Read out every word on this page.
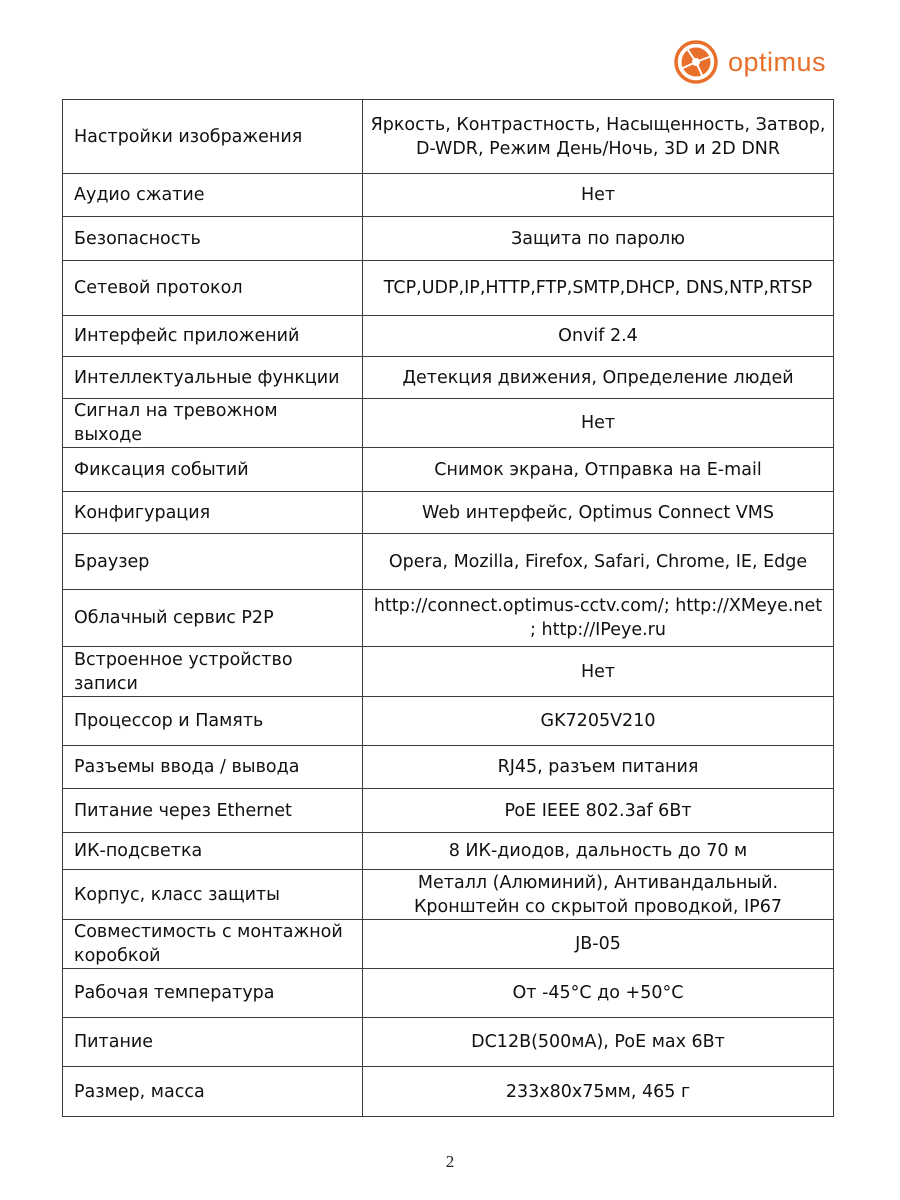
optimus
Настройки изображения	Яркость, Контрастность, Насыщенность, Затвор, D-WDR, Режим День/Ночь, 3D и 2D DNR
Аудио сжатие	Нет
Безопасность	Защита по паролю
Сетевой протокол	TCP,UDP,IP,HTTP,FTP,SMTP,DHCP, DNS,NTP,RTSP
Интерфейс приложений	Onvif 2.4
Интеллектуальные функции	Детекция движения, Определение людей
Сигнал на тревожном выходе	Нет
Фиксация событий	Снимок экрана, Отправка на E-mail
Конфигурация	Web интерфейс, Optimus Connect VMS
Браузер	Opera, Mozilla, Firefox, Safari, Chrome, IE, Edge
Облачный сервис P2P	http://connect.optimus-cctv.com/; http://XMeye.net ; http://IPeye.ru
Встроенное устройство записи	Нет
Процессор и Память	GK7205V210
Разъемы ввода / вывода	RJ45, разъем питания
Питание через Ethernet	PoE IEEE 802.3af 6Вт
ИК-подсветка	8 ИК-диодов, дальность до 70 м
Корпус, класс защиты	Металл (Алюминий), Антивандальный. Кронштейн со скрытой проводкой, IP67
Совместимость с монтажной коробкой	JB-05
Рабочая температура	От -45°C до +50°C
Питание	DC12В(500мА), PoE мах 6Вт
Размер, масса	233х80х75мм, 465 г
2
